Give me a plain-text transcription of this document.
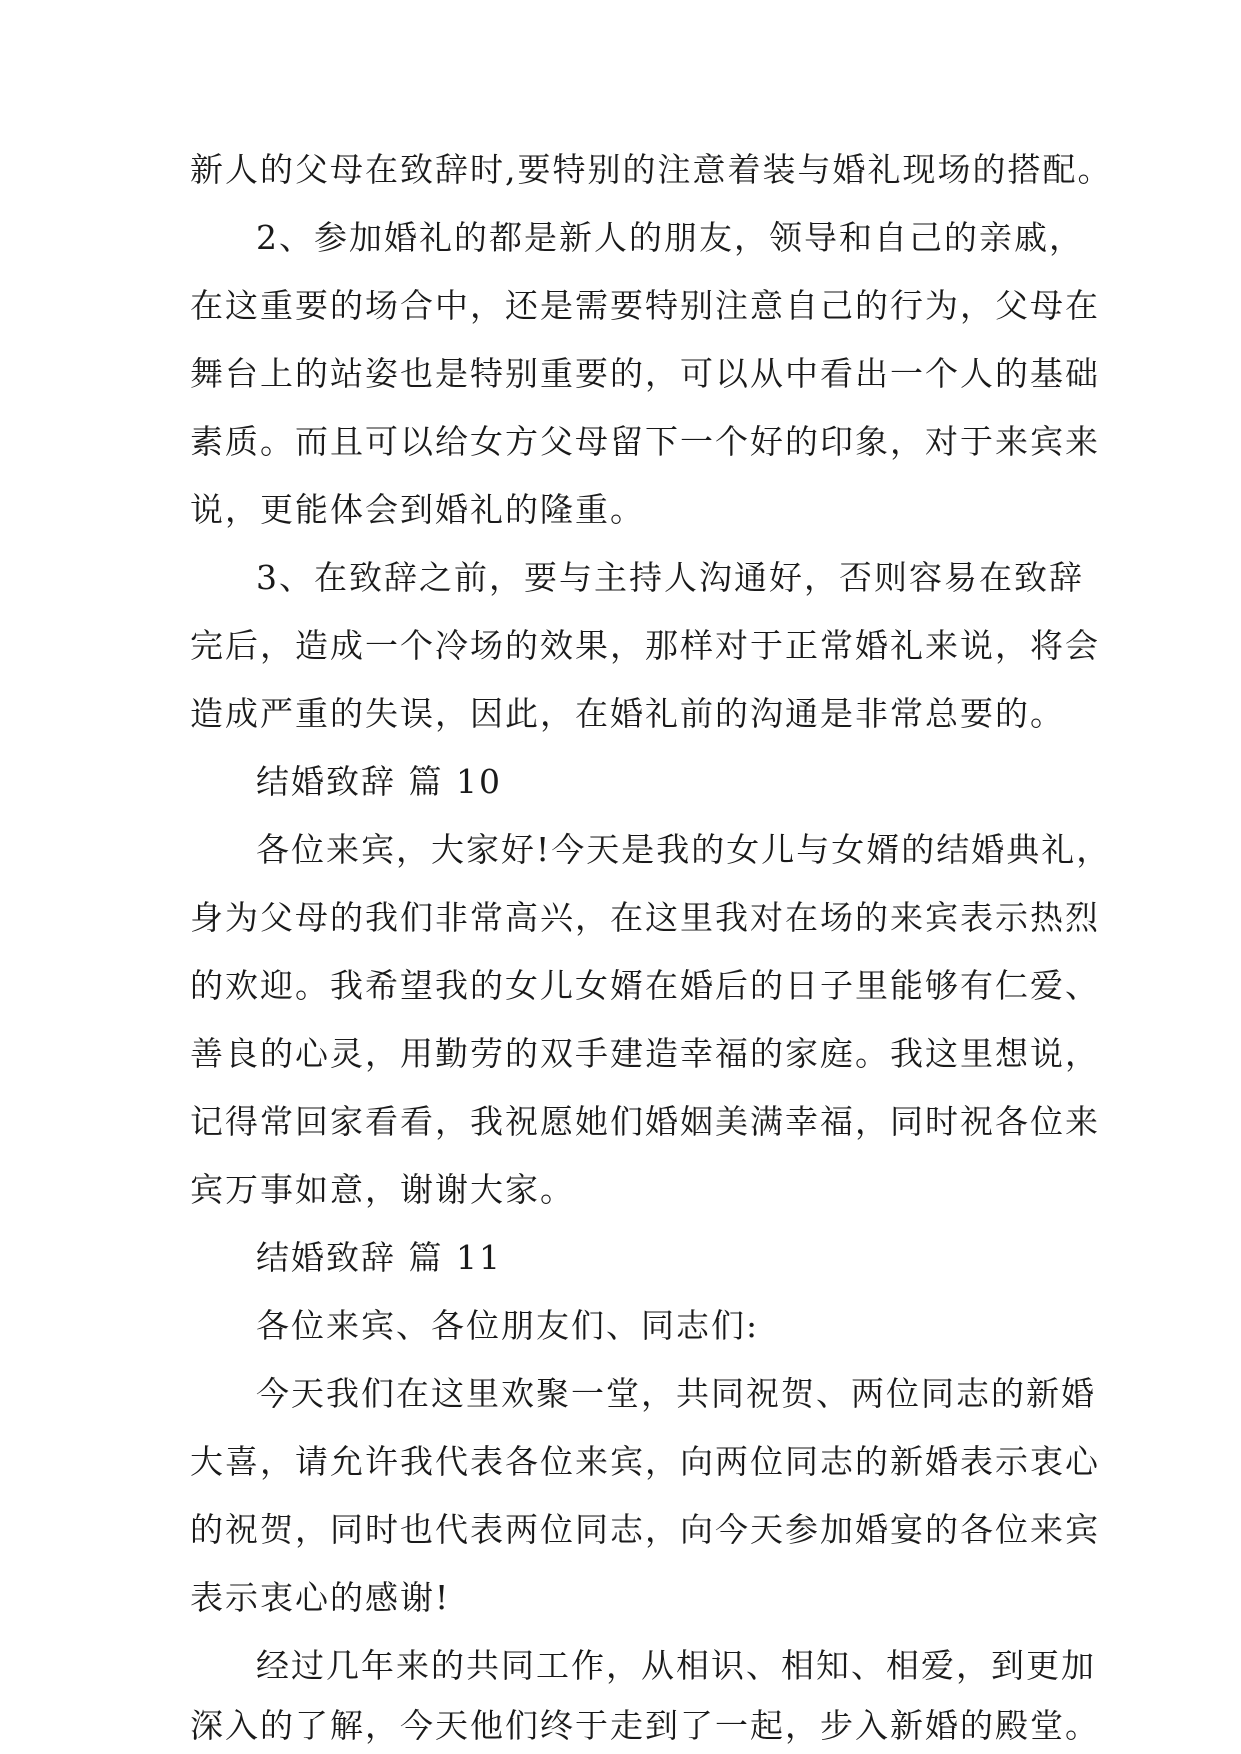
新人的父母在致辞时,要特别的注意着装与婚礼现场的搭配。
2、参加婚礼的都是新人的朋友，领导和自己的亲戚，
在这重要的场合中，还是需要特别注意自己的行为，父母在
舞台上的站姿也是特别重要的，可以从中看出一个人的基础
素质。而且可以给女方父母留下一个好的印象，对于来宾来
说，更能体会到婚礼的隆重。
3、在致辞之前，要与主持人沟通好，否则容易在致辞
完后，造成一个冷场的效果，那样对于正常婚礼来说，将会
造成严重的失误，因此，在婚礼前的沟通是非常总要的。
结婚致辞 篇 10
各位来宾，大家好!今天是我的女儿与女婿的结婚典礼，
身为父母的我们非常高兴，在这里我对在场的来宾表示热烈
的欢迎。我希望我的女儿女婿在婚后的日子里能够有仁爱、
善良的心灵，用勤劳的双手建造幸福的家庭。我这里想说，
记得常回家看看，我祝愿她们婚姻美满幸福，同时祝各位来
宾万事如意，谢谢大家。
结婚致辞 篇 11
各位来宾、各位朋友们、同志们:
今天我们在这里欢聚一堂，共同祝贺、两位同志的新婚
大喜，请允许我代表各位来宾，向两位同志的新婚表示衷心
的祝贺，同时也代表两位同志，向今天参加婚宴的各位来宾
表示衷心的感谢!
经过几年来的共同工作，从相识、相知、相爱，到更加
深入的了解，今天他们终于走到了一起，步入新婚的殿堂。
